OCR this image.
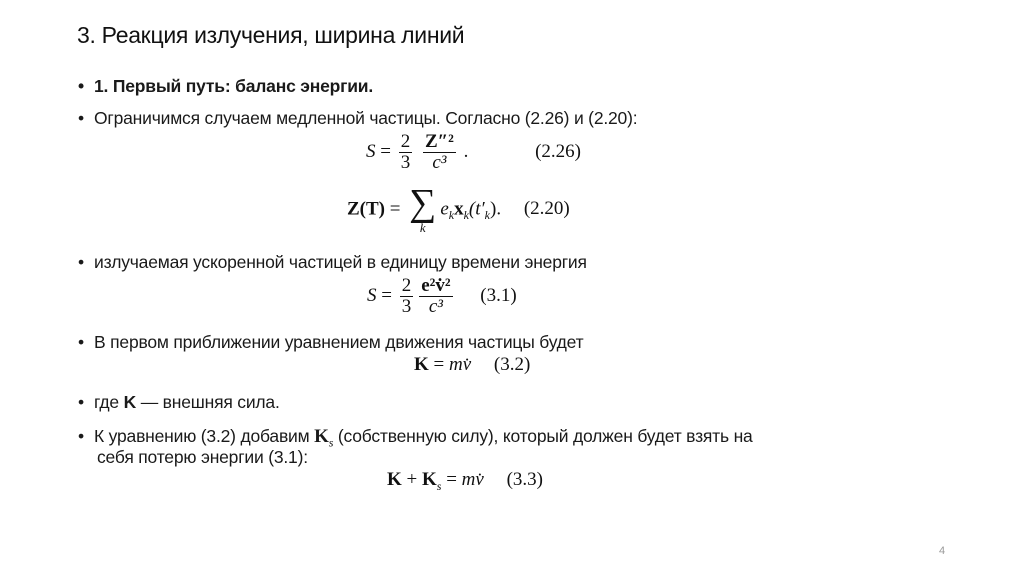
3. Реакция излучения, ширина линий
• 1. Первый путь: баланс энергии.
• Ограничимся случаем медленной частицы. Согласно (2.26) и (2.20):
$S = \frac{2}{3}$
$\frac{\text{Z″²}}{\text{c³}}$ .	(2.26)
Z(T) = ∑
k
$e_kx_k(t'_k)$. (2.20)
• излучаемая ускоренной частицей в единицу времени энергия
$S = \frac{2}{3} \frac{\text{e²v̇²}}{\text{c³}} (3.1)$
• В первом приближении уравнением движения частицы будет
K = mv̇ (3.2)
• где K — внешняя сила.
• К уравнению (3.2) добавим $K_s$ (собственную силу), который должен будет взять на
себя потерю энергии (3.1):
$K + K_s$ = mv̇ (3.3)
4
